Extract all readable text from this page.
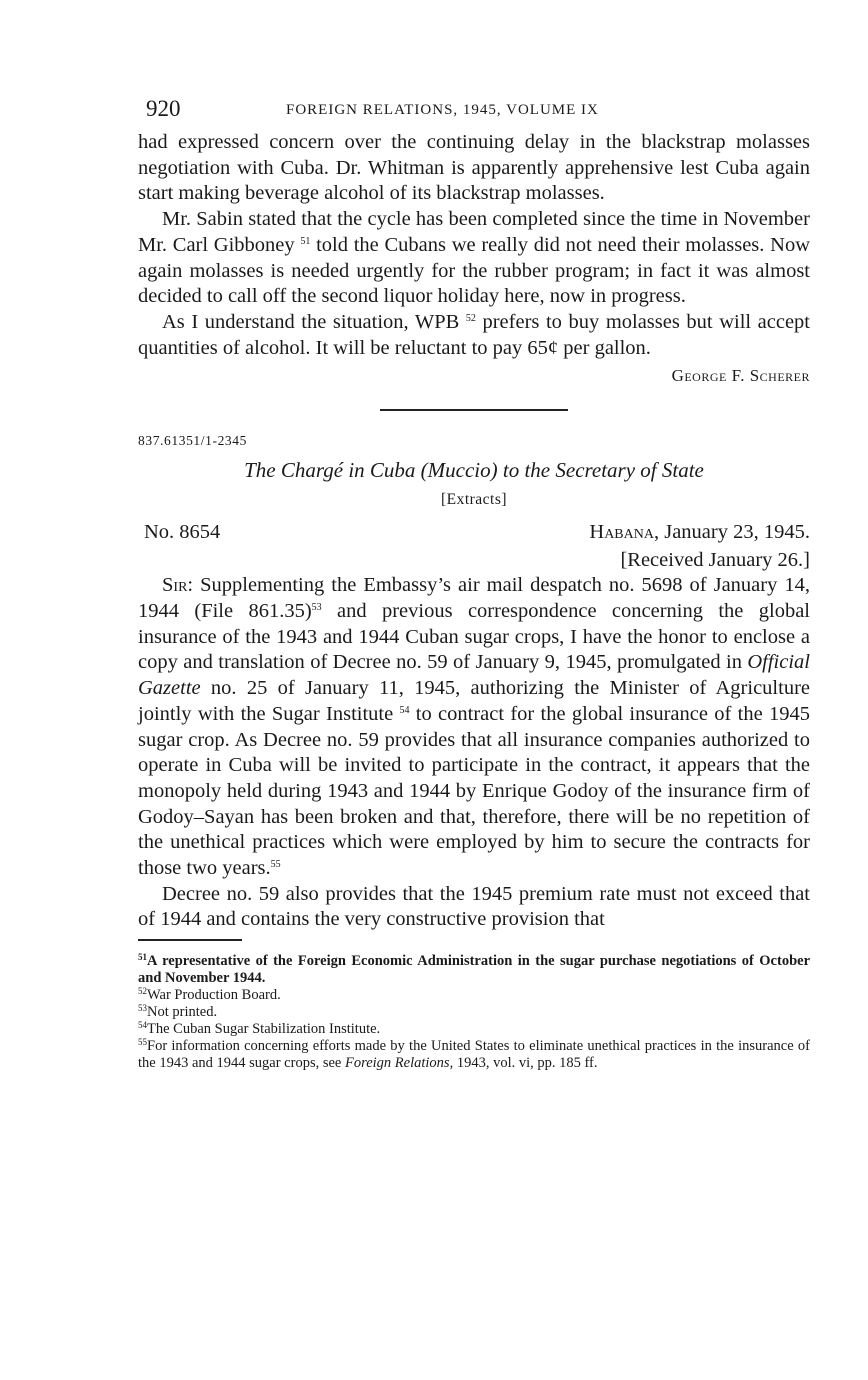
920	FOREIGN RELATIONS, 1945, VOLUME IX

had expressed concern over the continuing delay in the blackstrap molasses negotiation with Cuba. Dr. Whitman is apparently apprehensive lest Cuba again start making beverage alcohol of its blackstrap molasses.

Mr. Sabin stated that the cycle has been completed since the time in November Mr. Carl Gibboney $^{51}$ told the Cubans we really did not need their molasses. Now again molasses is needed urgently for the rubber program; in fact it was almost decided to call off the second liquor holiday here, now in progress.

As I understand the situation, WPB $^{52}$ prefers to buy molasses but will accept quantities of alcohol. It will be reluctant to pay 65¢ per gallon.

George F. Scherer

837.61351/1-2345

The Chargé in Cuba (Muccio) to the Secretary of State
[Extracts]
No. 8654	Habana, January 23, 1945.
[Received January 26.]

Sir: Supplementing the Embassy’s air mail despatch no. 5698 of January 14, 1944 (File 861.35)$^{53}$ and previous correspondence concerning the global insurance of the 1943 and 1944 Cuban sugar crops, I have the honor to enclose a copy and translation of Decree no. 59 of January 9, 1945, promulgated in Official Gazette no. 25 of January 11, 1945, authorizing the Minister of Agriculture jointly with the Sugar Institute $^{54}$ to contract for the global insurance of the 1945 sugar crop. As Decree no. 59 provides that all insurance companies authorized to operate in Cuba will be invited to participate in the contract, it appears that the monopoly held during 1943 and 1944 by Enrique Godoy of the insurance firm of Godoy–Sayan has been broken and that, therefore, there will be no repetition of the unethical practices which were employed by him to secure the contracts for those two years.$^{55}$

Decree no. 59 also provides that the 1945 premium rate must not exceed that of 1944 and contains the very constructive provision that

$^{51}$A representative of the Foreign Economic Administration in the sugar purchase negotiations of October and November 1944.

$^{52}$War Production Board.

$^{53}$Not printed.

$^{54}$The Cuban Sugar Stabilization Institute.

$^{55}$For information concerning efforts made by the United States to eliminate unethical practices in the insurance of the 1943 and 1944 sugar crops, see Foreign Relations, 1943, vol. vi, pp. 185 ff.
